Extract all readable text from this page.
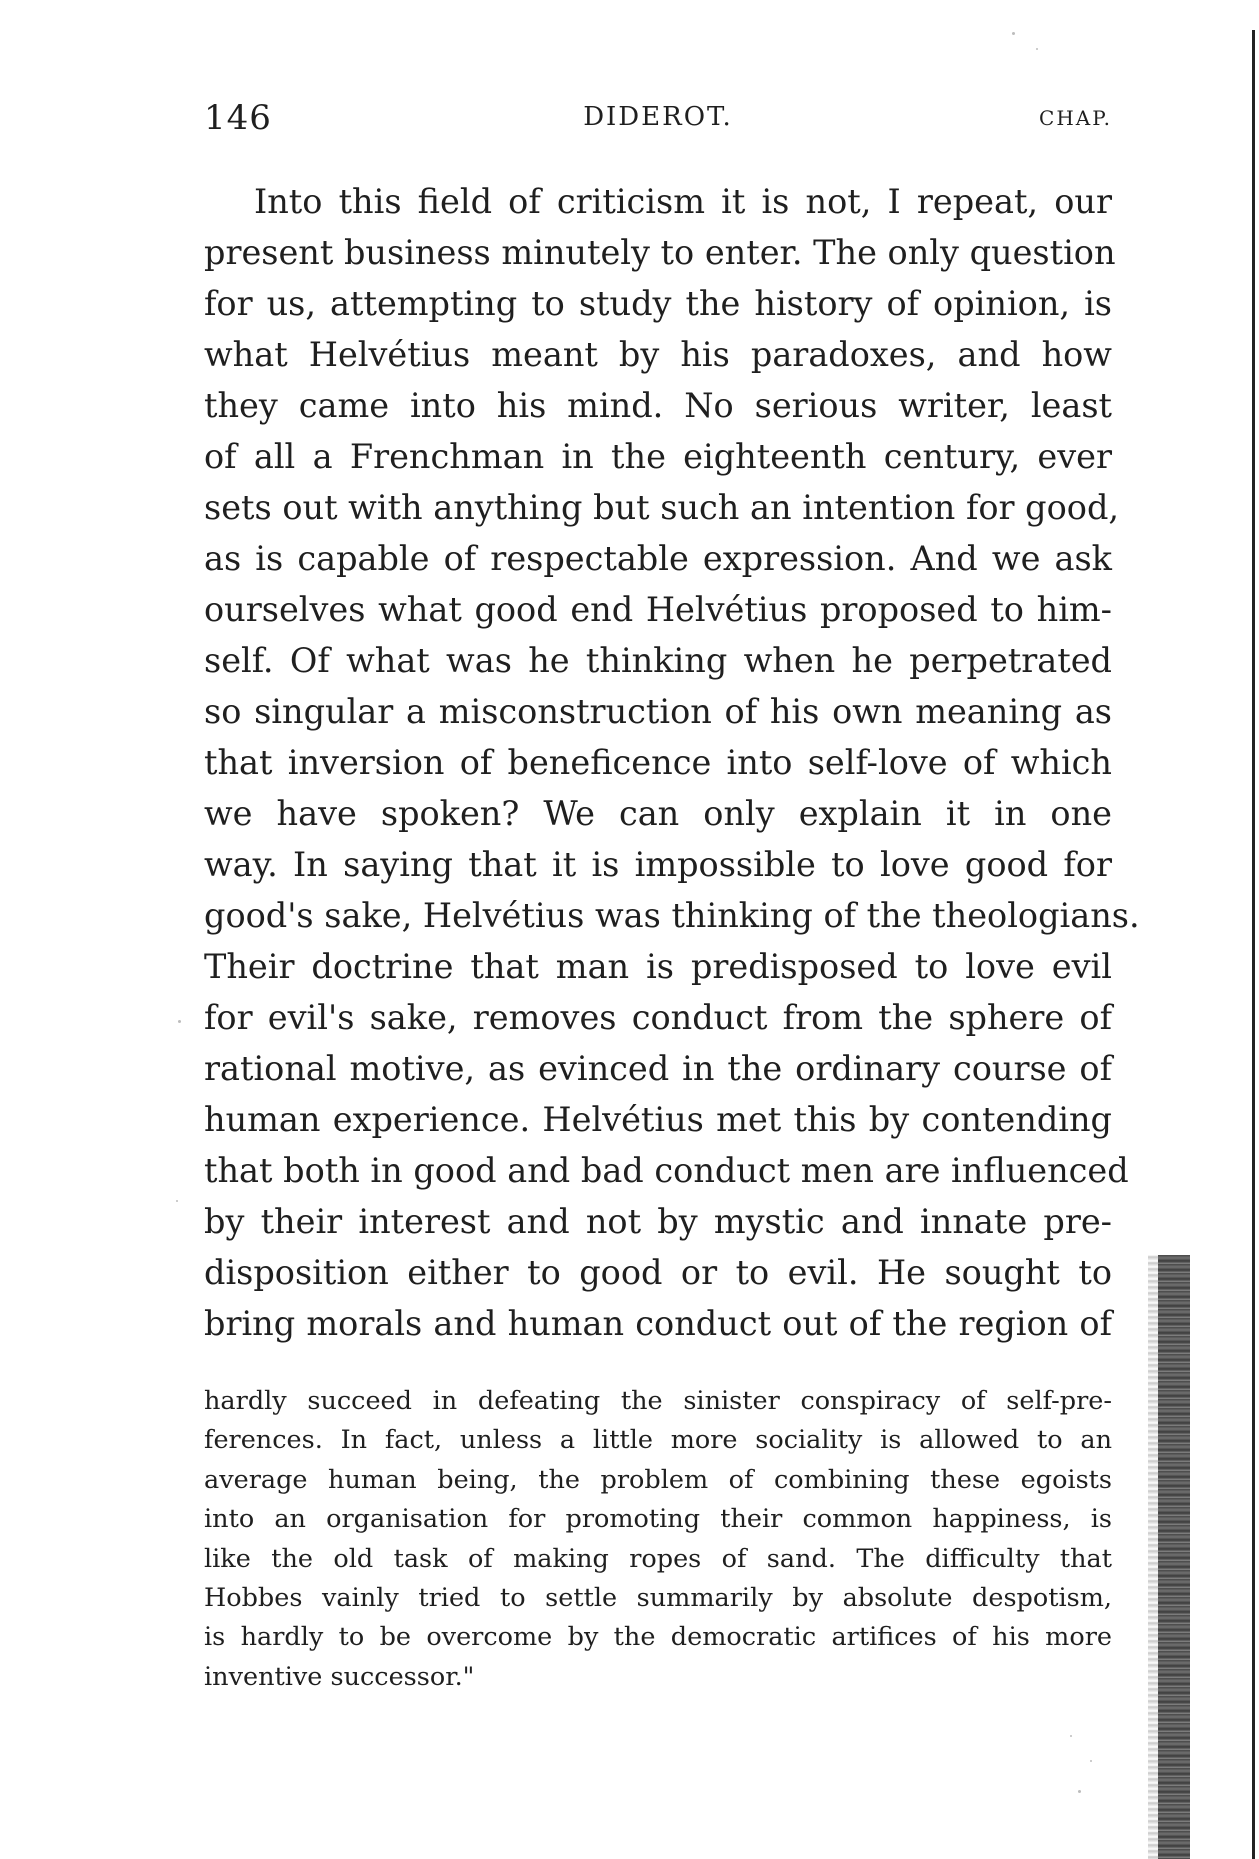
146	DIDEROT.	CHAP.
Into this field of criticism it is not, I repeat, our
present business minutely to enter. The only question
for us, attempting to study the history of opinion, is
what Helvétius meant by his paradoxes, and how
they came into his mind. No serious writer, least
of all a Frenchman in the eighteenth century, ever
sets out with anything but such an intention for good,
as is capable of respectable expression. And we ask
ourselves what good end Helvétius proposed to him-
self. Of what was he thinking when he perpetrated
so singular a misconstruction of his own meaning as
that inversion of beneficence into self-love of which
we have spoken? We can only explain it in one
way. In saying that it is impossible to love good for
good's sake, Helvétius was thinking of the theologians.
Their doctrine that man is predisposed to love evil
for evil's sake, removes conduct from the sphere of
rational motive, as evinced in the ordinary course of
human experience. Helvétius met this by contending
that both in good and bad conduct men are influenced
by their interest and not by mystic and innate pre-
disposition either to good or to evil. He sought to
bring morals and human conduct out of the region of
hardly succeed in defeating the sinister conspiracy of self-pre-
ferences. In fact, unless a little more sociality is allowed to an
average human being, the problem of combining these egoists
into an organisation for promoting their common happiness, is
like the old task of making ropes of sand. The difficulty that
Hobbes vainly tried to settle summarily by absolute despotism,
is hardly to be overcome by the democratic artifices of his more
inventive successor."
